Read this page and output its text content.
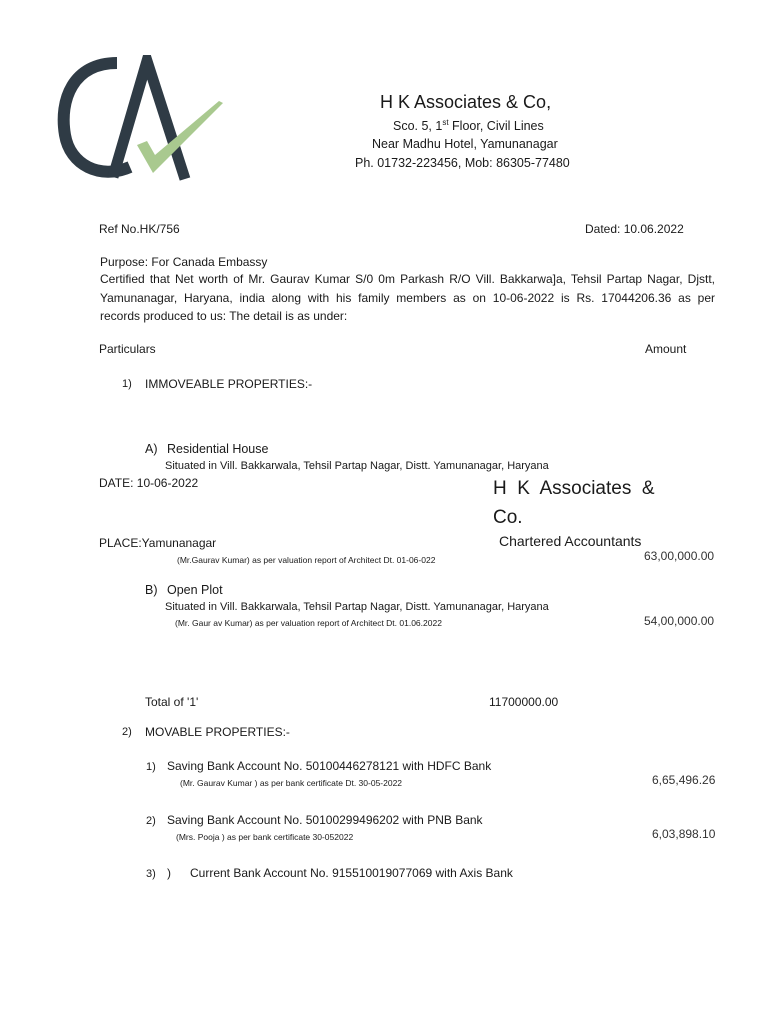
H K Associates & Co,
Sco. 5, 1st Floor, Civil Lines
Near Madhu Hotel, Yamunanagar
Ph. 01732-223456, Mob: 86305-77480
Ref No.HK/756	Dated: 10.06.2022
Purpose: For Canada Embassy
Certified that Net worth of Mr. Gaurav Kumar S/0 0m Parkash R/O Vill. Bakkarwa]a, Tehsil Partap Nagar, Djstt,
Yamunanagar, Haryana, india along with his family members as on 10-06-2022 is Rs. 17044206.36 as per
records produced to us: The detail is as under:
Particulars	Amount
1) IMMOVEABLE PROPERTIES:-
A) Residential House
Situated in Vill. Bakkarwala, Tehsil Partap Nagar, Distt. Yamunanagar, Haryana
DATE: 10-06-2022	H  K  Associates  &
Co.
PLACE:Yamunanagar	Chartered Accountants
(Mr.Gaurav Kumar) as per valuation report of Architect Dt. 01-06-022	63,00,000.00
B) Open Plot
Situated in Vill. Bakkarwala, Tehsil Partap Nagar, Distt. Yamunanagar, Haryana
(Mr. Gaur av Kumar) as per valuation report of Architect Dt. 01.06.2022	54,00,000.00
Total of '1'	11700000.00
2) MOVABLE PROPERTIES:-
1) Saving Bank Account No. 50100446278121 with HDFC Bank
(Mr. Gaurav Kumar ) as per bank certificate Dt. 30-05-2022	6,65,496.26
2) Saving Bank Account No. 50100299496202 with PNB Bank
(Mrs. Pooja ) as per bank certificate 30-052022	6,03,898.10
3) ) Current Bank Account No. 915510019077069 with Axis Bank
